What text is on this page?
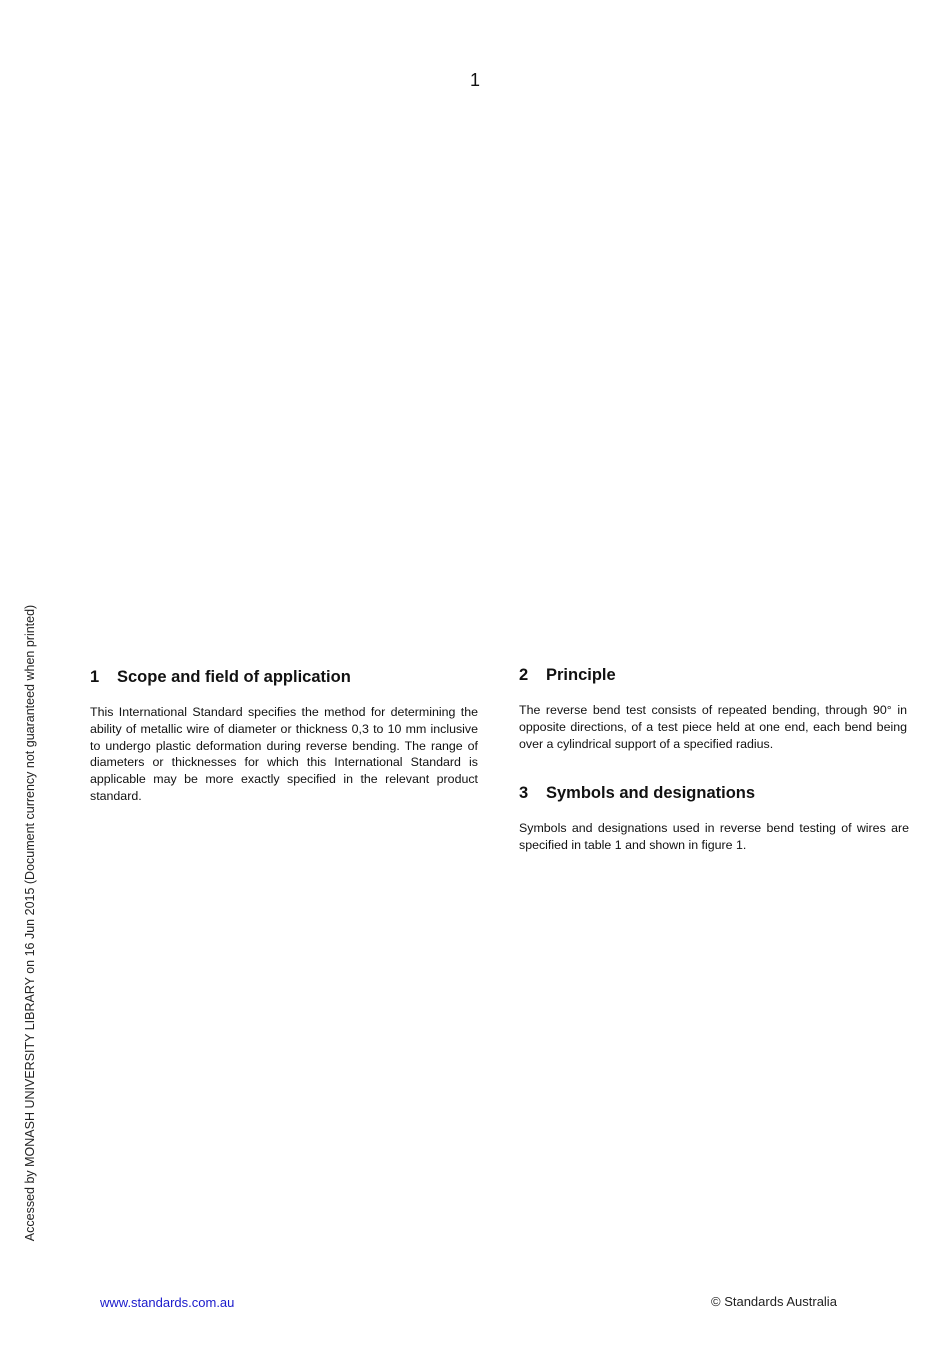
1
Accessed by MONASH UNIVERSITY LIBRARY on 16 Jun 2015 (Document currency not guaranteed when printed)	1 Scope and field of application

This International Standard specifies the method for determining the ability of metallic wire of diameter or thickness 0,3 to 10 mm inclusive to undergo plastic deformation during reverse bending. The range of diameters or thicknesses for which this International Standard is applicable may be more exactly specified in the relevant product standard.

2 Principle

The reverse bend test consists of repeated bending, through 90° in opposite directions, of a test piece held at one end, each bend being over a cylindrical support of a specified radius.

3 Symbols and designations

Symbols and designations used in reverse bend testing of wires are specified in table 1 and shown in figure 1.

www.standards.com.au	© Standards Australia
